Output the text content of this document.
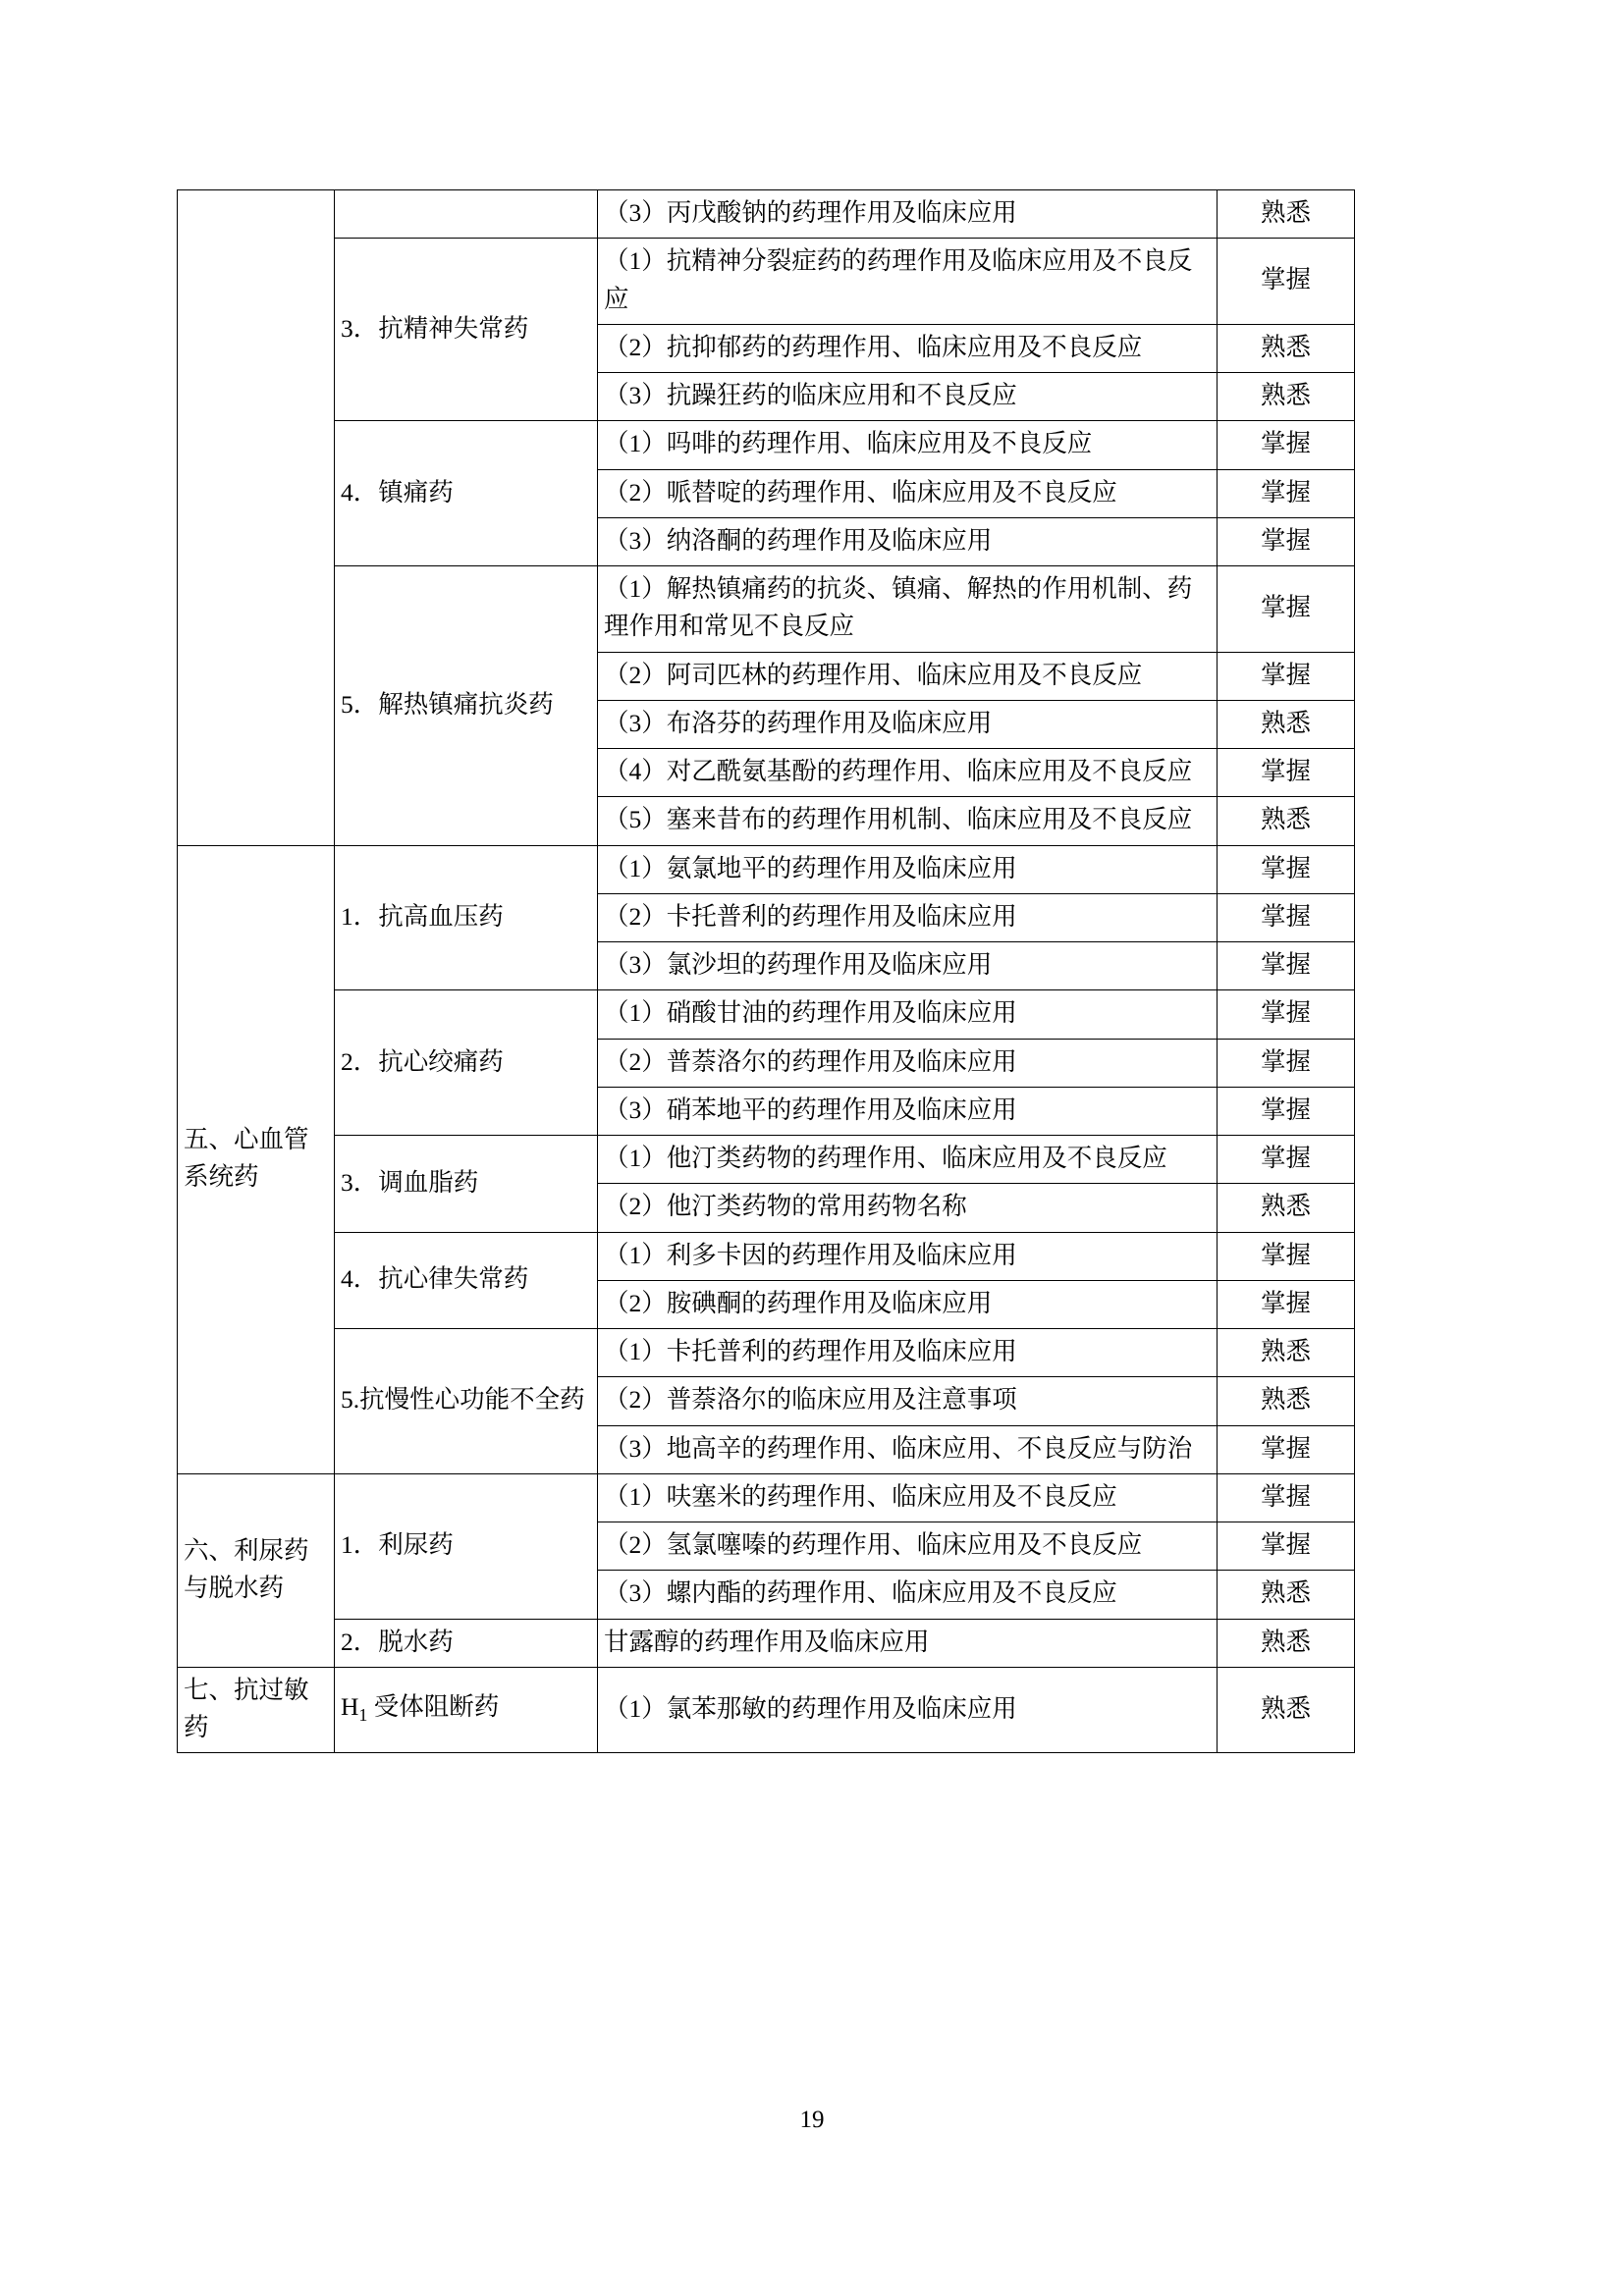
		（3）丙戊酸钠的药理作用及临床应用	熟悉
	3．抗精神失常药	（1）抗精神分裂症药的药理作用及临床应用及不良反应	掌握
		（2）抗抑郁药的药理作用、临床应用及不良反应	熟悉
		（3）抗躁狂药的临床应用和不良反应	熟悉
	4．镇痛药	（1）吗啡的药理作用、临床应用及不良反应	掌握
		（2）哌替啶的药理作用、临床应用及不良反应	掌握
		（3）纳洛酮的药理作用及临床应用	掌握
	5．解热镇痛抗炎药	（1）解热镇痛药的抗炎、镇痛、解热的作用机制、药理作用和常见不良反应	掌握
		（2）阿司匹林的药理作用、临床应用及不良反应	掌握
		（3）布洛芬的药理作用及临床应用	熟悉
		（4）对乙酰氨基酚的药理作用、临床应用及不良反应	掌握
		（5）塞来昔布的药理作用机制、临床应用及不良反应	熟悉
五、心血管系统药	1．抗高血压药	（1）氨氯地平的药理作用及临床应用	掌握
		（2）卡托普利的药理作用及临床应用	掌握
		（3）氯沙坦的药理作用及临床应用	掌握
	2．抗心绞痛药	（1）硝酸甘油的药理作用及临床应用	掌握
		（2）普萘洛尔的药理作用及临床应用	掌握
		（3）硝苯地平的药理作用及临床应用	掌握
	3．调血脂药	（1）他汀类药物的药理作用、临床应用及不良反应	掌握
		（2）他汀类药物的常用药物名称	熟悉
	4．抗心律失常药	（1）利多卡因的药理作用及临床应用	掌握
		（2）胺碘酮的药理作用及临床应用	掌握
	5.抗慢性心功能不全药	（1）卡托普利的药理作用及临床应用	熟悉
		（2）普萘洛尔的临床应用及注意事项	熟悉
		（3）地高辛的药理作用、临床应用、不良反应与防治	掌握
六、利尿药与脱水药	1．利尿药	（1）呋塞米的药理作用、临床应用及不良反应	掌握
		（2）氢氯噻嗪的药理作用、临床应用及不良反应	掌握
		（3）螺内酯的药理作用、临床应用及不良反应	熟悉
	2．脱水药	甘露醇的药理作用及临床应用	熟悉
七、抗过敏药	$H_1$ 受体阻断药	（1）氯苯那敏的药理作用及临床应用	熟悉
19
